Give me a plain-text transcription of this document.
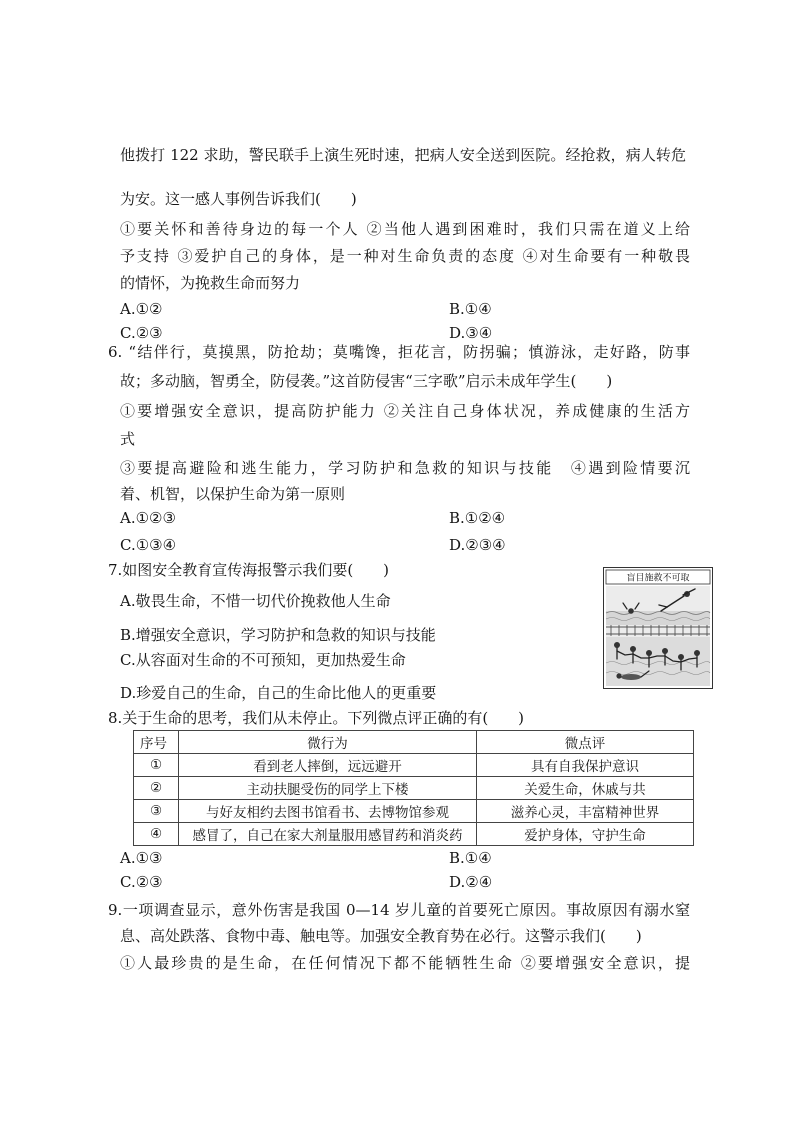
他拨打 122 求助，警民联手上演生死时速，把病人安全送到医院。经抢救，病人转危
为安。这一感人事例告诉我们(　　)
①要关怀和善待身边的每一个人 ②当他人遇到困难时，我们只需在道义上给
予支持 ③爱护自己的身体，是一种对生命负责的态度 ④对生命要有一种敬畏
的情怀，为挽救生命而努力
A.①②	B.①④
C.②③	D.③④
6. “结伴行，莫摸黑，防抢劫；莫嘴馋，拒花言，防拐骗；慎游泳，走好路，防事
故；多动脑，智勇全，防侵袭。”这首防侵害“三字歌”启示未成年学生(　　)
①要增强安全意识，提高防护能力 ②关注自己身体状况，养成健康的生活方
式
③要提高避险和逃生能力，学习防护和急救的知识与技能　④遇到险情要沉
着、机智，以保护生命为第一原则
A.①②③	B.①②④
C.①③④	D.②③④
7.如图安全教育宣传海报警示我们要(　　)
A.敬畏生命，不惜一切代价挽救他人生命
B.增强安全意识，学习防护和急救的知识与技能
C.从容面对生命的不可预知，更加热爱生命
D.珍爱自己的生命，自己的生命比他人的更重要
盲目施救不可取
8.关于生命的思考，我们从未停止。下列微点评正确的有(　　)
序号	微行为	微点评
①	看到老人摔倒，远远避开	具有自我保护意识
②	主动扶腿受伤的同学上下楼	关爱生命，休戚与共
③	与好友相约去图书馆看书、去博物馆参观	滋养心灵，丰富精神世界
④	感冒了，自己在家大剂量服用感冒药和消炎药	爱护身体，守护生命
A.①③	B.①④
C.②③	D.②④
9.一项调查显示，意外伤害是我国 0—14 岁儿童的首要死亡原因。事故原因有溺水窒
息、高处跌落、食物中毒、触电等。加强安全教育势在必行。这警示我们(　　)
①人最珍贵的是生命，在任何情况下都不能牺牲生命 ②要增强安全意识，提
